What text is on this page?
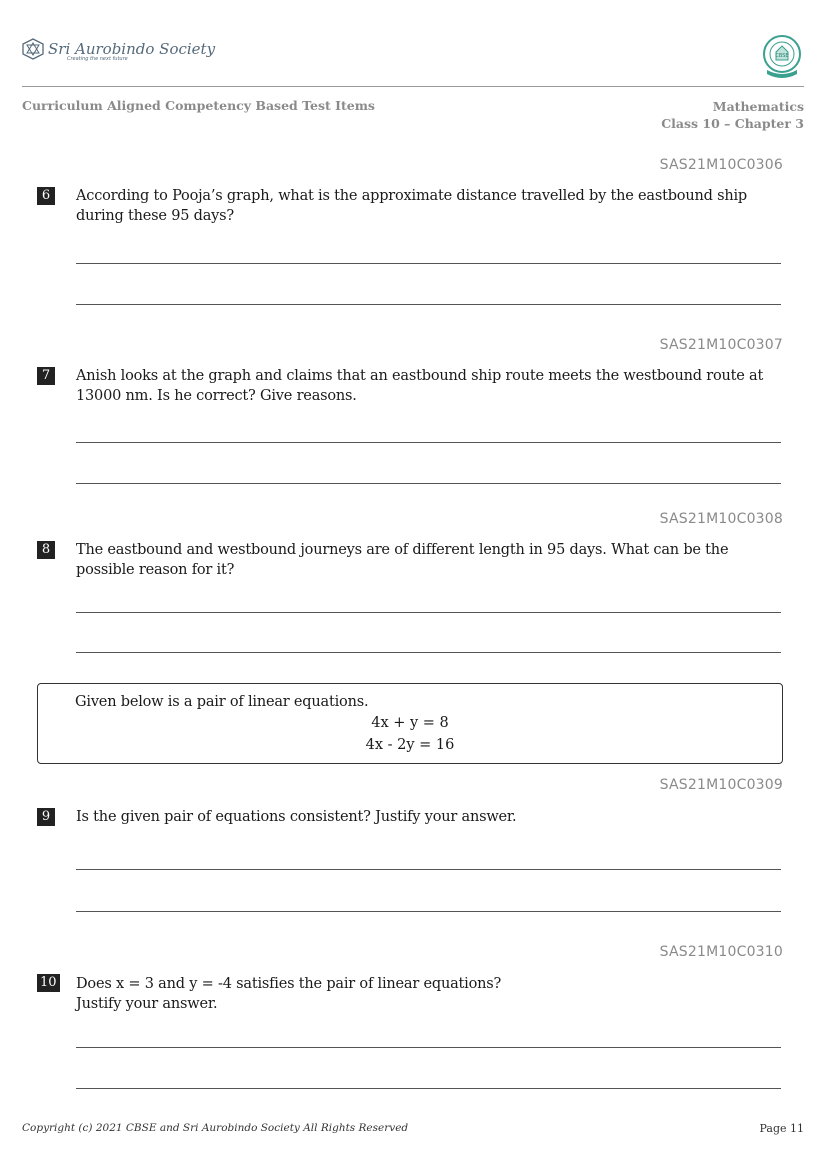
Sri Aurobindo Society
Creating the next future	CBSE
Curriculum Aligned Competency Based Test Items	Mathematics
Class 10 – Chapter 3
SAS21M10C0306
6	According to Pooja’s graph, what is the approximate distance travelled by the eastbound ship during these 95 days?
SAS21M10C0307
7	Anish looks at the graph and claims that an eastbound ship route meets the westbound route at 13000 nm. Is he correct? Give reasons.
SAS21M10C0308
8	The eastbound and westbound journeys are of different length in 95 days. What can be the possible reason for it?
Given below is a pair of linear equations.
4x + y = 8
4x - 2y = 16
SAS21M10C0309
9	Is the given pair of equations consistent? Justify your answer.
SAS21M10C0310
10 Does x = 3 and y = -4 satisfies the pair of linear equations?
Justify your answer.
Copyright (c) 2021 CBSE and Sri Aurobindo Society All Rights Reserved	Page 11
